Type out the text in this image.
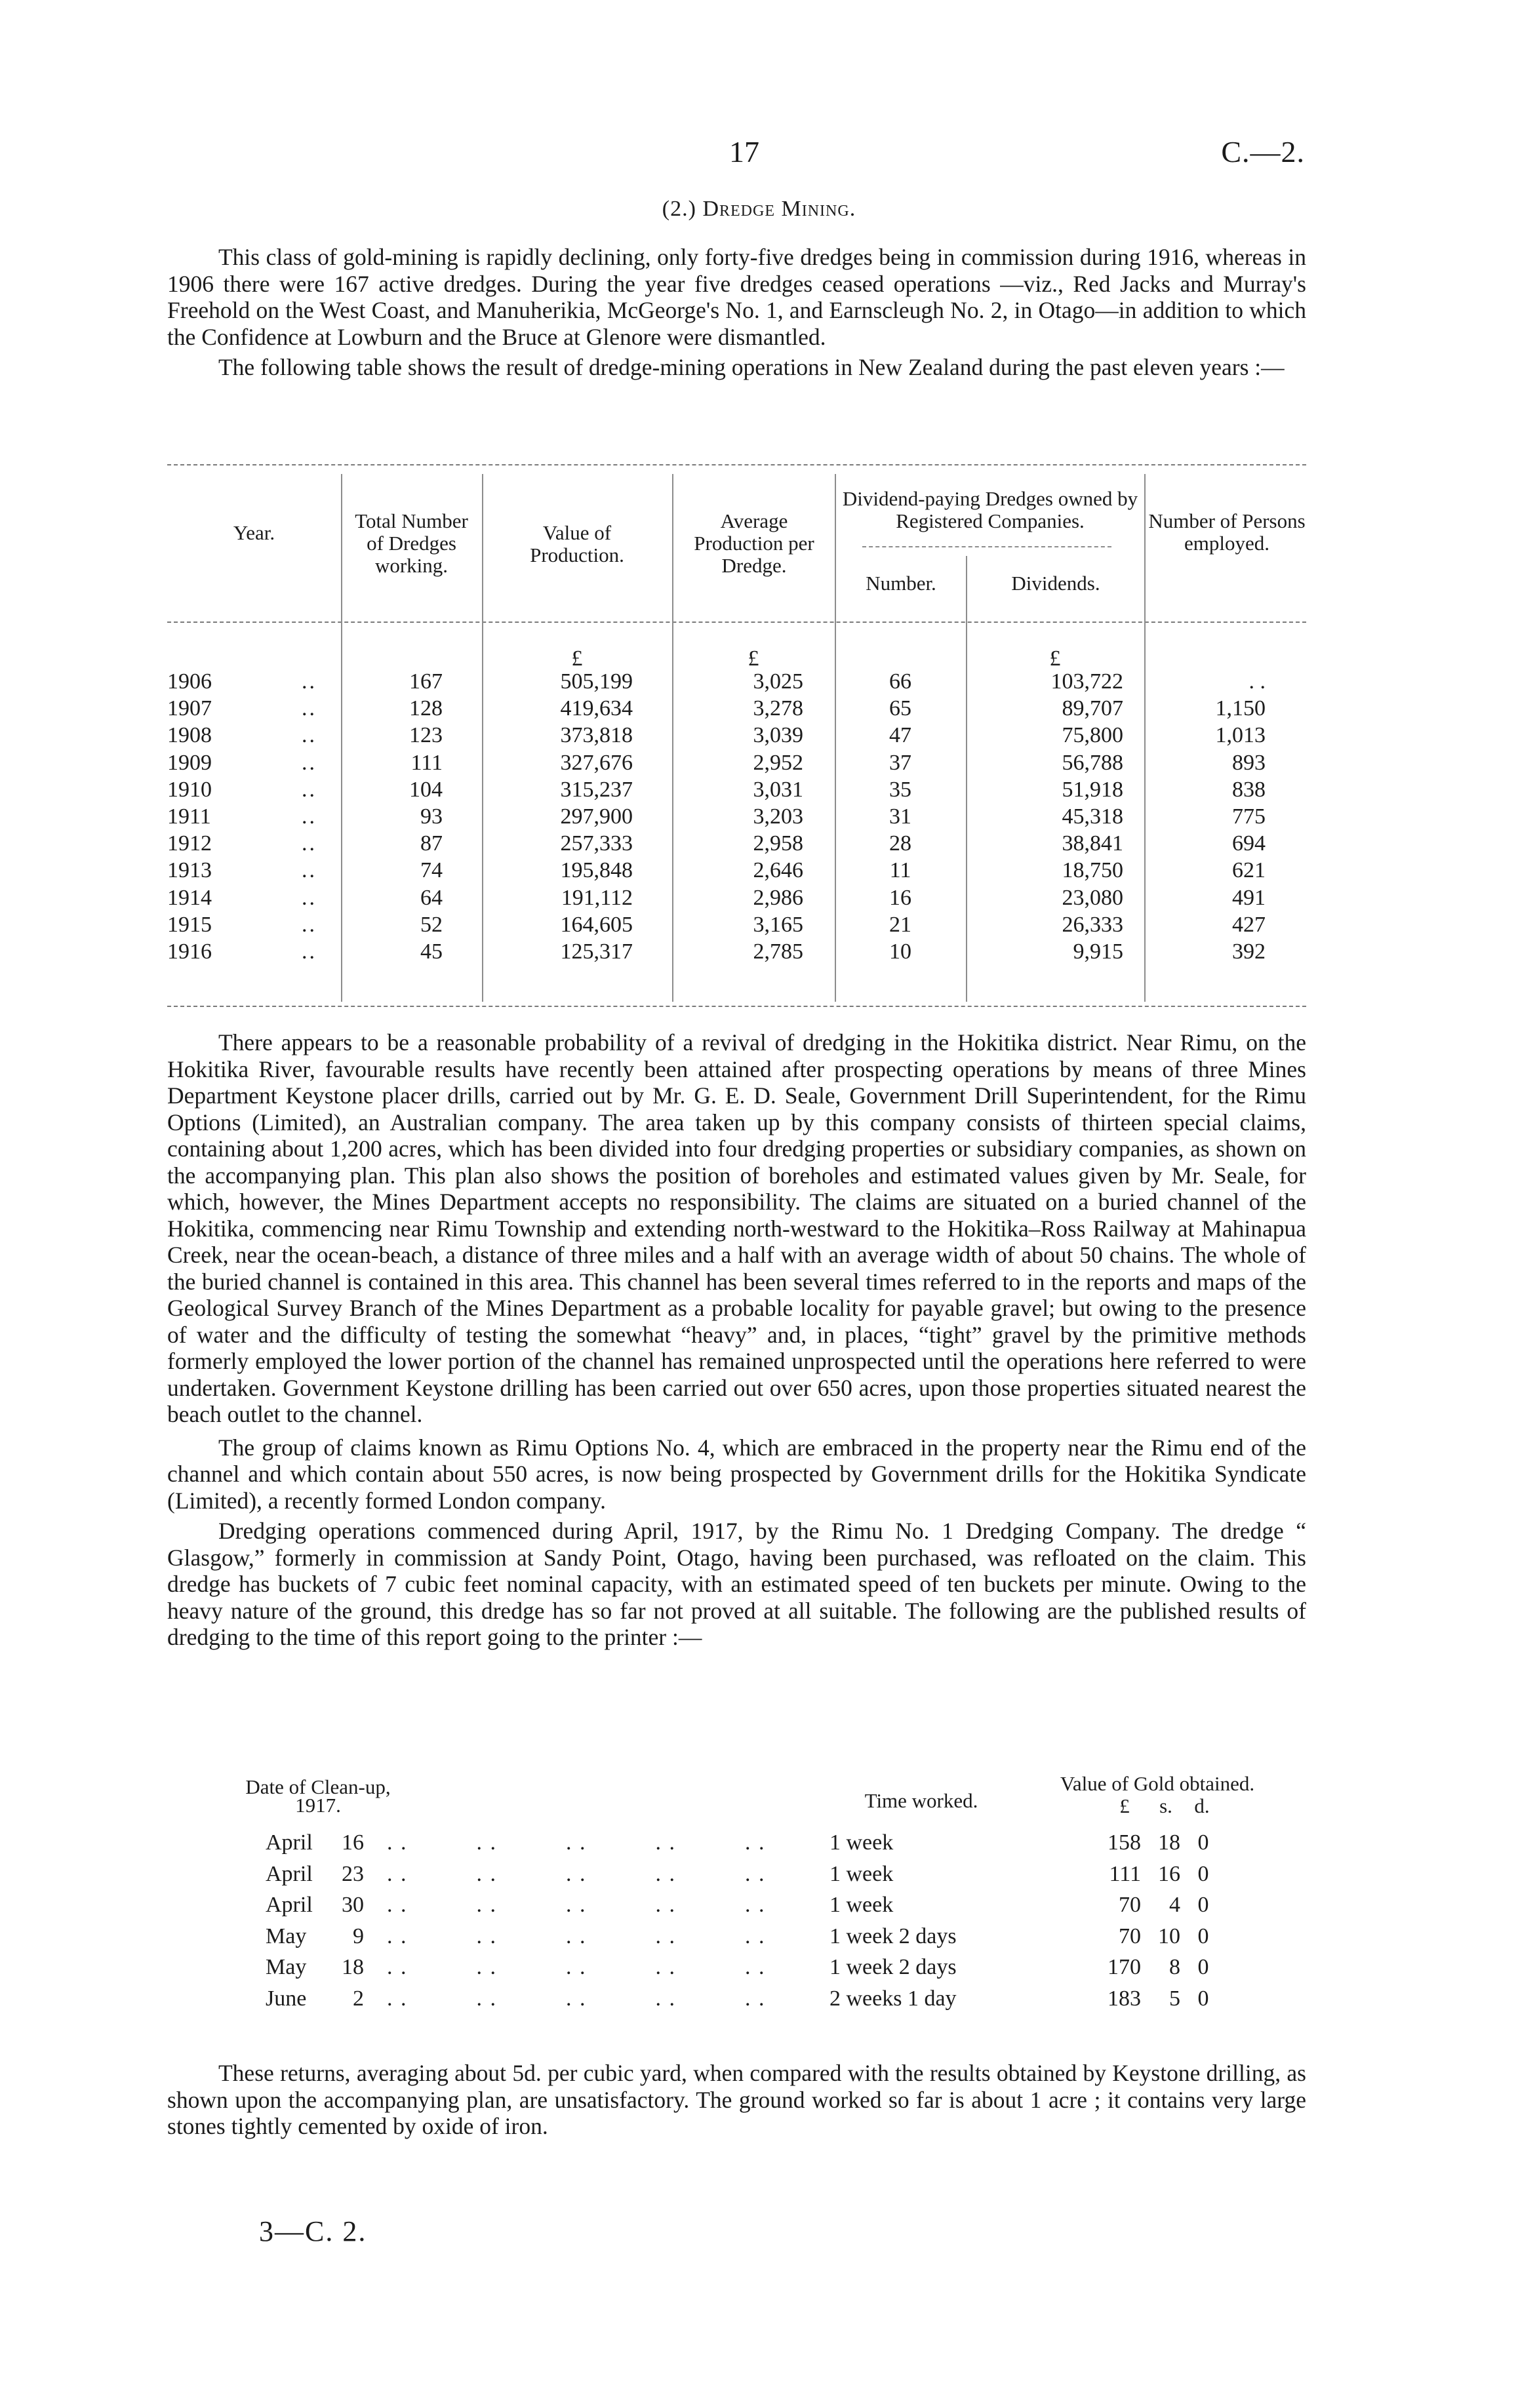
17	C.—2.
(2.) Dredge Mining.

This class of gold-mining is rapidly declining, only forty-five dredges being in commission during 1916, whereas in 1906 there were 167 active dredges. During the year five dredges ceased operations —viz., Red Jacks and Murray's Freehold on the West Coast, and Manuherikia, McGeorge's No. 1, and Earnscleugh No. 2, in Otago—in addition to which the Confidence at Lowburn and the Bruce at Glenore were dismantled.

The following table shows the result of dredge-mining operations in New Zealand during the past eleven years :—

Year.
Total Number of Dredges working.
Value of Production.
Average Production per Dredge.
Dividend-paying Dredges owned by Registered Companies.
Number.	Dividends.
Number of Persons employed.
£	£	£
1906	..	167	505,199	3,025	66	103,722	. .
1907	..	128	419,634	3,278	65	89,707	1,150
1908	..	123	373,818	3,039	47	75,800	1,013
1909	..	111	327,676	2,952	37	56,788	893
1910	..	104	315,237	3,031	35	51,918	838
1911	..	93	297,900	3,203	31	45,318	775
1912	..	87	257,333	2,958	28	38,841	694
1913	..	74	195,848	2,646	11	18,750	621
1914	..	64	191,112	2,986	16	23,080	491
1915	..	52	164,605	3,165	21	26,333	427
1916	..	45	125,317	2,785	10	9,915	392

There appears to be a reasonable probability of a revival of dredging in the Hokitika district. Near Rimu, on the Hokitika River, favourable results have recently been attained after prospecting operations by means of three Mines Department Keystone placer drills, carried out by Mr. G. E. D. Seale, Government Drill Superintendent, for the Rimu Options (Limited), an Australian company. The area taken up by this company consists of thirteen special claims, containing about 1,200 acres, which has been divided into four dredging properties or subsidiary companies, as shown on the accompanying plan. This plan also shows the position of boreholes and estimated values given by Mr. Seale, for which, however, the Mines Department accepts no responsibility. The claims are situated on a buried channel of the Hokitika, commencing near Rimu Township and extending north-westward to the Hokitika–Ross Railway at Mahinapua Creek, near the ocean-beach, a distance of three miles and a half with an average width of about 50 chains. The whole of the buried channel is contained in this area. This channel has been several times referred to in the reports and maps of the Geological Survey Branch of the Mines Department as a probable locality for payable gravel; but owing to the presence of water and the difficulty of testing the somewhat “heavy” and, in places, “tight” gravel by the primitive methods formerly employed the lower portion of the channel has remained unprospected until the operations here referred to were undertaken. Government Keystone drilling has been carried out over 650 acres, upon those properties situated nearest the beach outlet to the channel.

The group of claims known as Rimu Options No. 4, which are embraced in the property near the Rimu end of the channel and which contain about 550 acres, is now being prospected by Government drills for the Hokitika Syndicate (Limited), a recently formed London company.

Dredging operations commenced during April, 1917, by the Rimu No. 1 Dredging Company. The dredge “ Glasgow,” formerly in commission at Sandy Point, Otago, having been purchased, was refloated on the claim. This dredge has buckets of 7 cubic feet nominal capacity, with an estimated speed of ten buckets per minute. Owing to the heavy nature of the ground, this dredge has so far not proved at all suitable. The following are the published results of dredging to the time of this report going to the printer :—

Date of Clean-up,
1917.	Time worked.
Value of Gold obtained.
£	s.	d.
April	16 . .          . .          . .          . .          . .	1 week	158 18 0
April	23 . .          . .          . .          . .          . .	1 week	111 16 0
April	30 . .          . .          . .          . .          . .	1 week	70	4 0
May	9 . .          . .          . .          . .          . .	1 week 2 days	70 10 0
May	18 . .          . .          . .          . .          . .	1 week 2 days	170	8 0
June	2 . .          . .          . .          . .          . .	2 weeks 1 day	183	5 0

These returns, averaging about 5d. per cubic yard, when compared with the results obtained by Keystone drilling, as shown upon the accompanying plan, are unsatisfactory. The ground worked so far is about 1 acre ; it contains very large stones tightly cemented by oxide of iron.

3—C. 2.
